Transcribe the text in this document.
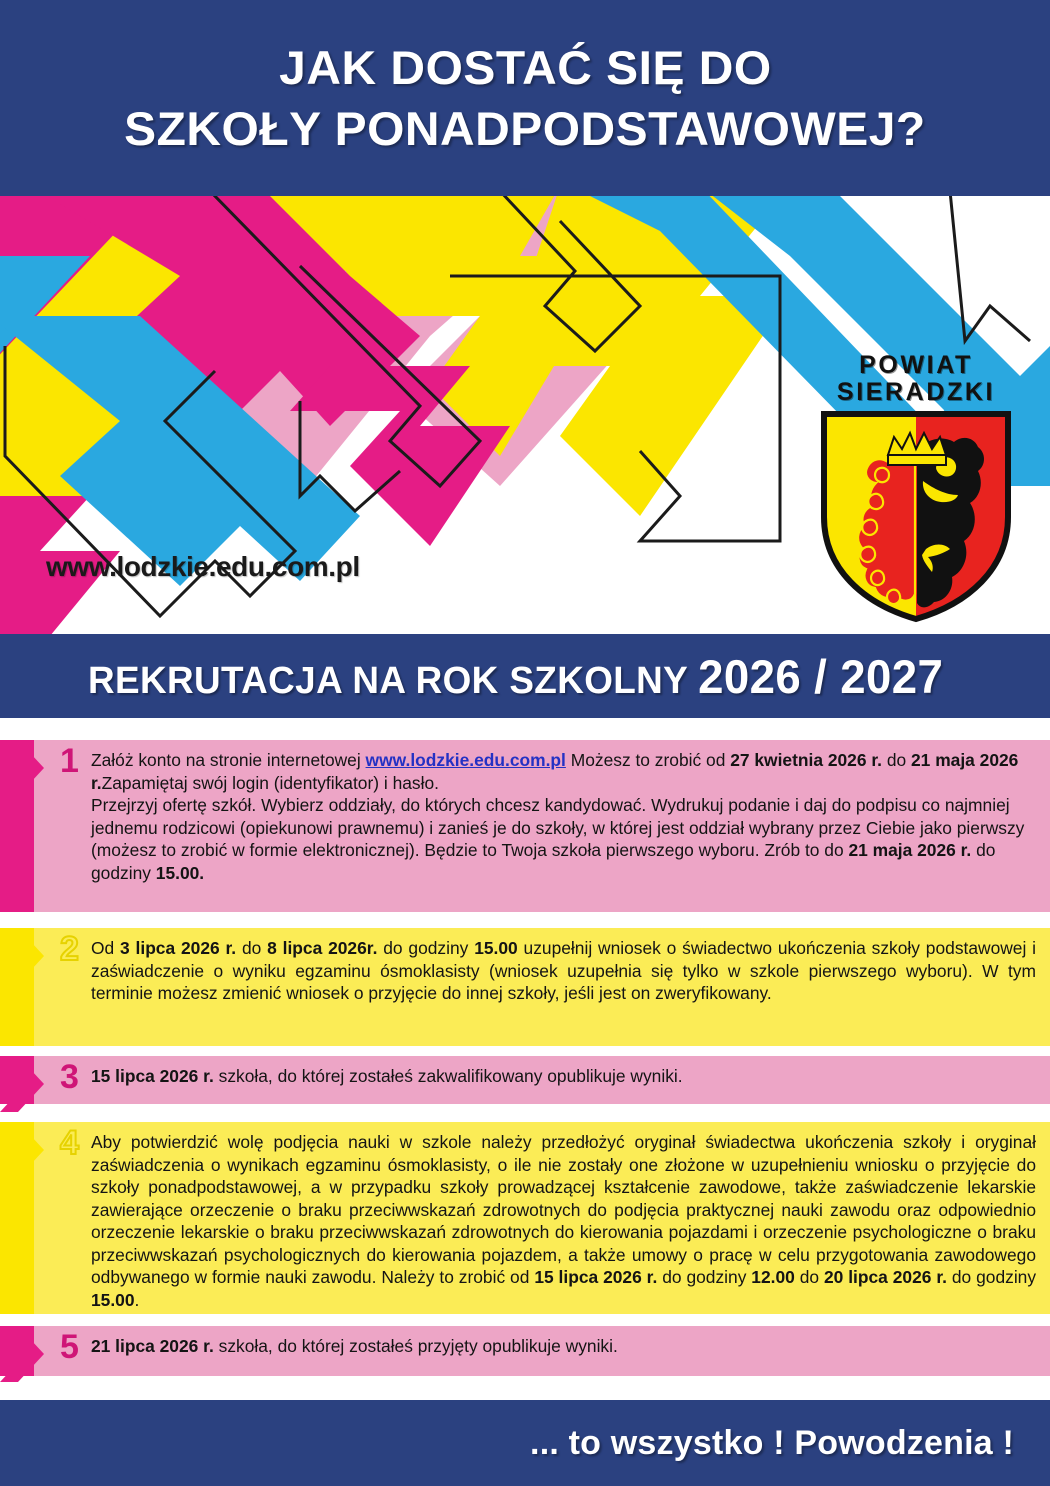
JAK DOSTAĆ SIĘ DO
SZKOŁY PONADPODSTAWOWEJ?
www.lodzkie.edu.com.pl
POWIAT
SIERADZKI
REKRUTACJA NA ROK SZKOLNY 2026 / 2027
1 Załóż konto na stronie internetowej www.lodzkie.edu.com.pl Możesz to zrobić od 27 kwietnia 2026 r. do 21 maja 2026 r.Zapamiętaj swój login (identyfikator) i hasło.

Przejrzyj ofertę szkół. Wybierz oddziały, do których chcesz kandydować. Wydrukuj podanie i daj do podpisu co najmniej jednemu rodzicowi (opiekunowi prawnemu) i zanieś je do szkoły, w której jest oddział wybrany przez Ciebie jako pierwszy (możesz to zrobić w formie elektronicznej). Będzie to Twoja szkoła pierwszego wyboru. Zrób to do 21 maja 2026 r. do godziny 15.00.

2 Od 3 lipca 2026 r. do 8 lipca 2026r. do godziny 15.00 uzupełnij wniosek o świadectwo ukończenia szkoły podstawowej i zaświadczenie o wyniku egzaminu ósmoklasisty (wniosek uzupełnia się tylko w szkole pierwszego wyboru). W tym terminie możesz zmienić wniosek o przyjęcie do innej szkoły, jeśli jest on zweryfikowany.

3 15 lipca 2026 r. szkoła, do której zostałeś zakwalifikowany opublikuje wyniki.

4 Aby potwierdzić wolę podjęcia nauki w szkole należy przedłożyć oryginał świadectwa ukończenia szkoły i oryginał zaświadczenia o wynikach egzaminu ósmoklasisty, o ile nie zostały one złożone w uzupełnieniu wniosku o przyjęcie do szkoły ponadpodstawowej, a w przypadku szkoły prowadzącej kształcenie zawodowe, także zaświadczenie lekarskie zawierające orzeczenie o braku przeciwwskazań zdrowotnych do podjęcia praktycznej nauki zawodu oraz odpowiednio orzeczenie lekarskie o braku przeciwwskazań zdrowotnych do kierowania pojazdami i orzeczenie psychologiczne o braku przeciwwskazań psychologicznych do kierowania pojazdem, a także umowy o pracę w celu przygotowania zawodowego odbywanego w formie nauki zawodu. Należy to zrobić od 15 lipca 2026 r. do godziny 12.00 do 20 lipca 2026 r. do godziny 15.00.

5 21 lipca 2026 r. szkoła, do której zostałeś przyjęty opublikuje wyniki.

... to wszystko ! Powodzenia !
